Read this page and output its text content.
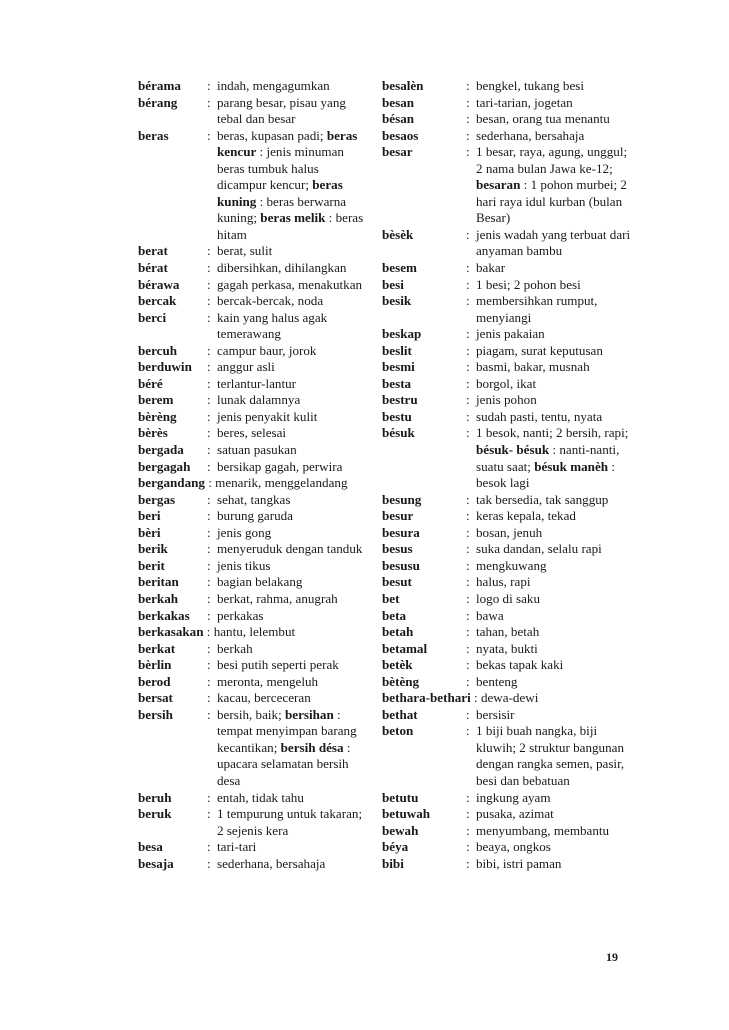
bérama	: indah, mengagumkan
bérang	: parang besar, pisau yang tebal dan besar
beras	: beras, kupasan padi; beras kencur : jenis minuman beras tumbuk halus dicampur kencur; beras kuning : beras berwarna kuning; beras melik : beras hitam
berat	: berat, sulit
bérat	: dibersihkan, dihilangkan
bérawa	: gagah perkasa, menakutkan
bercak	: bercak-bercak, noda
berci	: kain yang halus agak temerawang
bercuh	: campur baur, jorok
berduwin	: anggur asli
béré	: terlantur-lantur
berem	: lunak dalamnya
bèrèng	: jenis penyakit kulit
bèrès	: beres, selesai
bergada	: satuan pasukan
bergagah	: bersikap gagah, perwira
bergandang : menarik, menggelandang
bergas	: sehat, tangkas
beri	: burung garuda
bèri	: jenis gong
berik	: menyeruduk dengan tanduk
berit	: jenis tikus
beritan	: bagian belakang
berkah	: berkat, rahma, anugrah
berkakas	: perkakas
berkasakan : hantu, lelembut
berkat	: berkah
bèrlin	: besi putih seperti perak
berod	: meronta, mengeluh
bersat	: kacau, berceceran
bersih	: bersih, baik; bersihan : tempat menyimpan barang kecantikan; bersih désa : upacara selamatan bersih desa
beruh	: entah, tidak tahu
beruk	: 1 tempurung untuk takaran; 2 sejenis kera
besa	: tari-tari
besaja	: sederhana, bersahaja
besalèn	: bengkel, tukang besi
besan	: tari-tarian, jogetan
bésan	: besan, orang tua menantu
besaos	: sederhana, bersahaja
besar	: 1 besar, raya, agung, unggul; 2 nama bulan Jawa ke-12; besaran : 1 pohon murbei; 2 hari raya idul kurban (bulan Besar)
bèsèk	: jenis wadah yang terbuat dari anyaman bambu
besem	: bakar
besi	: 1 besi; 2 pohon besi
besik	: membersihkan rumput, menyiangi
beskap	: jenis pakaian
beslit	: piagam, surat keputusan
besmi	: basmi, bakar, musnah
besta	: borgol, ikat
bestru	: jenis pohon
bestu	: sudah pasti, tentu, nyata
bésuk	: 1 besok, nanti; 2 bersih, rapi; bésuk- bésuk : nanti-nanti, suatu saat; bésuk manèh : besok lagi
besung	: tak bersedia, tak sanggup
besur	: keras kepala, tekad
besura	: bosan, jenuh
besus	: suka dandan, selalu rapi
besusu	: mengkuwang
besut	: halus, rapi
bet	: logo di saku
beta	: bawa
betah	: tahan, betah
betamal	: nyata, bukti
betèk	: bekas tapak kaki
bètèng	: benteng
bethara-bethari : dewa-dewi
bethat	: bersisir
beton	: 1 biji buah nangka, biji kluwih; 2 struktur bangunan dengan rangka semen, pasir, besi dan bebatuan
betutu	: ingkung ayam
betuwah	: pusaka, azimat
bewah	: menyumbang, membantu
béya	: beaya, ongkos
bibi	: bibi, istri paman
19
